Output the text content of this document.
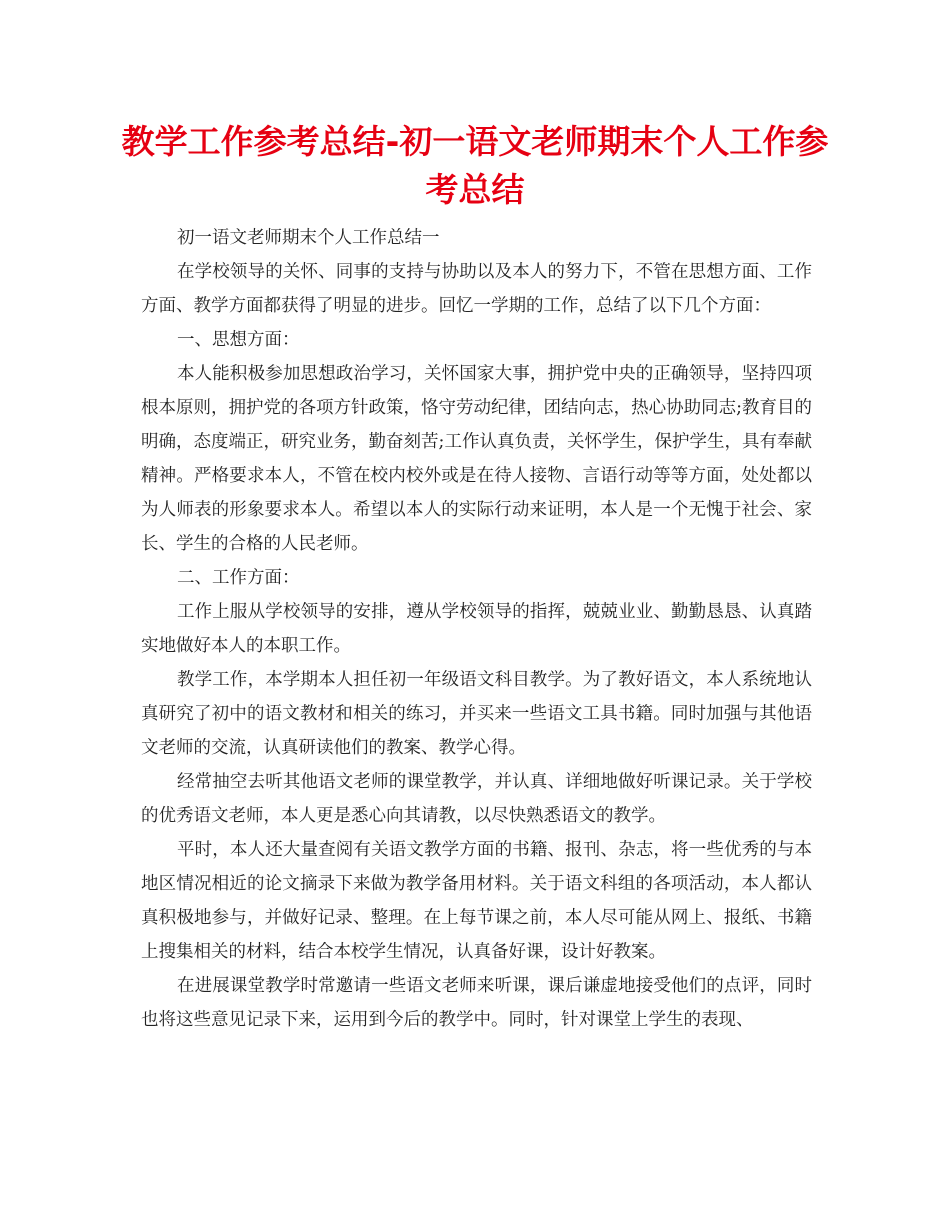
教学工作参考总结-初一语文老师期末个人工作参考总结

初一语文老师期末个人工作总结一

在学校领导的关怀、同事的支持与协助以及本人的努力下，不管在思想方面、工作方面、教学方面都获得了明显的进步。回忆一学期的工作，总结了以下几个方面：

一、思想方面：

本人能积极参加思想政治学习，关怀国家大事，拥护党中央的正确领导，坚持四项根本原则，拥护党的各项方针政策，恪守劳动纪律，团结向志，热心协助同志;教育目的明确，态度端正，研究业务，勤奋刻苦;工作认真负责，关怀学生，保护学生，具有奉献精神。严格要求本人，不管在校内校外或是在待人接物、言语行动等等方面，处处都以为人师表的形象要求本人。希望以本人的实际行动来证明，本人是一个无愧于社会、家长、学生的合格的人民老师。

二、工作方面：

工作上服从学校领导的安排，遵从学校领导的指挥，兢兢业业、勤勤恳恳、认真踏实地做好本人的本职工作。

教学工作，本学期本人担任初一年级语文科目教学。为了教好语文，本人系统地认真研究了初中的语文教材和相关的练习，并买来一些语文工具书籍。同时加强与其他语文老师的交流，认真研读他们的教案、教学心得。

经常抽空去听其他语文老师的课堂教学，并认真、详细地做好听课记录。关于学校的优秀语文老师，本人更是悉心向其请教，以尽快熟悉语文的教学。

平时，本人还大量查阅有关语文教学方面的书籍、报刊、杂志，将一些优秀的与本地区情况相近的论文摘录下来做为教学备用材料。关于语文科组的各项活动，本人都认真积极地参与，并做好记录、整理。在上每节课之前，本人尽可能从网上、报纸、书籍上搜集相关的材料，结合本校学生情况，认真备好课，设计好教案。

在进展课堂教学时常邀请一些语文老师来听课，课后谦虚地接受他们的点评，同时也将这些意见记录下来，运用到今后的教学中。同时，针对课堂上学生的表现、
